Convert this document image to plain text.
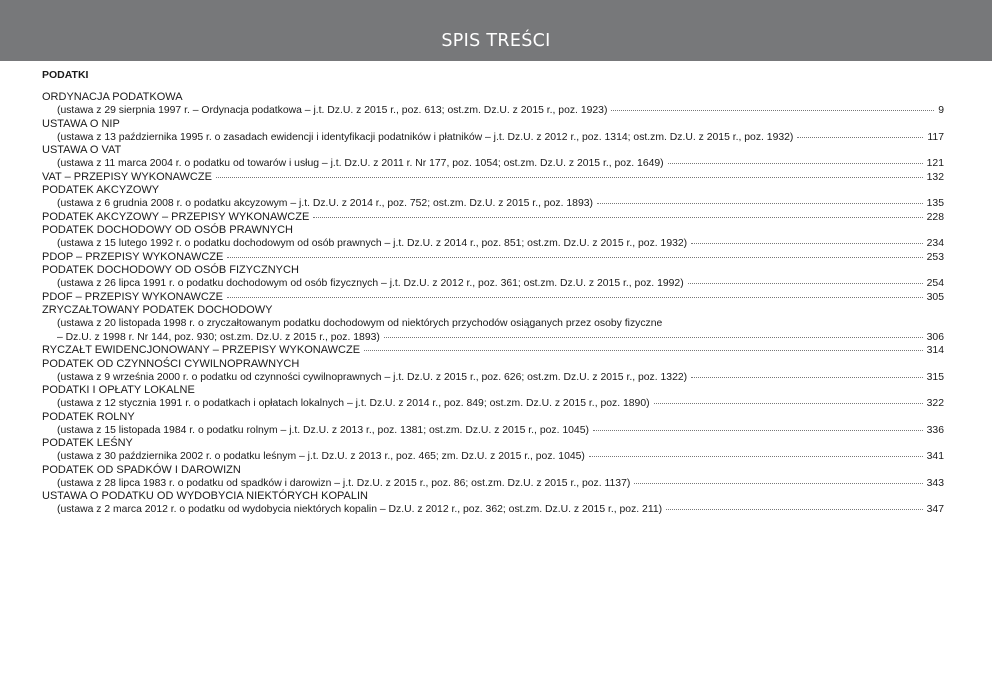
SPIS TREŚCI
PODATKI
ORDYNACJA PODATKOWA
(ustawa z 29 sierpnia 1997 r. – Ordynacja podatkowa – j.t. Dz.U. z 2015 r., poz. 613; ost.zm. Dz.U. z 2015 r., poz. 1923)	9
USTAWA O NIP
(ustawa z 13 października 1995 r. o zasadach ewidencji i identyfikacji podatników i płatników – j.t. Dz.U. z 2012 r., poz. 1314; ost.zm. Dz.U. z 2015 r., poz. 1932)	117
USTAWA O VAT
(ustawa z 11 marca 2004 r. o podatku od towarów i usług – j.t. Dz.U. z 2011 r. Nr 177, poz. 1054; ost.zm. Dz.U. z 2015 r., poz. 1649)	121
VAT – PRZEPISY WYKONAWCZE	132
PODATEK AKCYZOWY
(ustawa z 6 grudnia 2008 r. o podatku akcyzowym – j.t. Dz.U. z 2014 r., poz. 752; ost.zm. Dz.U. z 2015 r., poz. 1893)	135
PODATEK AKCYZOWY – PRZEPISY WYKONAWCZE	228
PODATEK DOCHODOWY OD OSÓB PRAWNYCH
(ustawa z 15 lutego 1992 r. o podatku dochodowym od osób prawnych – j.t. Dz.U. z 2014 r., poz. 851; ost.zm. Dz.U. z 2015 r., poz. 1932)	234
PDOP – PRZEPISY WYKONAWCZE	253
PODATEK DOCHODOWY OD OSÓB FIZYCZNYCH
(ustawa z 26 lipca 1991 r. o podatku dochodowym od osób fizycznych – j.t. Dz.U. z 2012 r., poz. 361; ost.zm. Dz.U. z 2015 r., poz. 1992)	254
PDOF – PRZEPISY WYKONAWCZE	305
ZRYCZAŁTOWANY PODATEK DOCHODOWY
(ustawa z 20 listopada 1998 r. o zryczałtowanym podatku dochodowym od niektórych przychodów osiąganych przez osoby fizyczne
– Dz.U. z 1998 r. Nr 144, poz. 930; ost.zm. Dz.U. z 2015 r., poz. 1893)	306
RYCZAŁT EWIDENCJONOWANY – PRZEPISY WYKONAWCZE	314
PODATEK OD CZYNNOŚCI CYWILNOPRAWNYCH
(ustawa z 9 września 2000 r. o podatku od czynności cywilnoprawnych – j.t. Dz.U. z 2015 r., poz. 626; ost.zm. Dz.U. z 2015 r., poz. 1322)	315
PODATKI I OPŁATY LOKALNE
(ustawa z 12 stycznia 1991 r. o podatkach i opłatach lokalnych – j.t. Dz.U. z 2014 r., poz. 849; ost.zm. Dz.U. z 2015 r., poz. 1890)	322
PODATEK ROLNY
(ustawa z 15 listopada 1984 r. o podatku rolnym – j.t. Dz.U. z 2013 r., poz. 1381; ost.zm. Dz.U. z 2015 r., poz. 1045)	336
PODATEK LEŚNY
(ustawa z 30 października 2002 r. o podatku leśnym – j.t. Dz.U. z 2013 r., poz. 465; zm. Dz.U. z 2015 r., poz. 1045)	341
PODATEK OD SPADKÓW I DAROWIZN
(ustawa z 28 lipca 1983 r. o podatku od spadków i darowizn – j.t. Dz.U. z 2015 r., poz. 86; ost.zm. Dz.U. z 2015 r., poz. 1137)	343
USTAWA O PODATKU OD WYDOBYCIA NIEKTÓRYCH KOPALIN
(ustawa z 2 marca 2012 r. o podatku od wydobycia niektórych kopalin – Dz.U. z 2012 r., poz. 362; ost.zm. Dz.U. z 2015 r., poz. 211)	347
